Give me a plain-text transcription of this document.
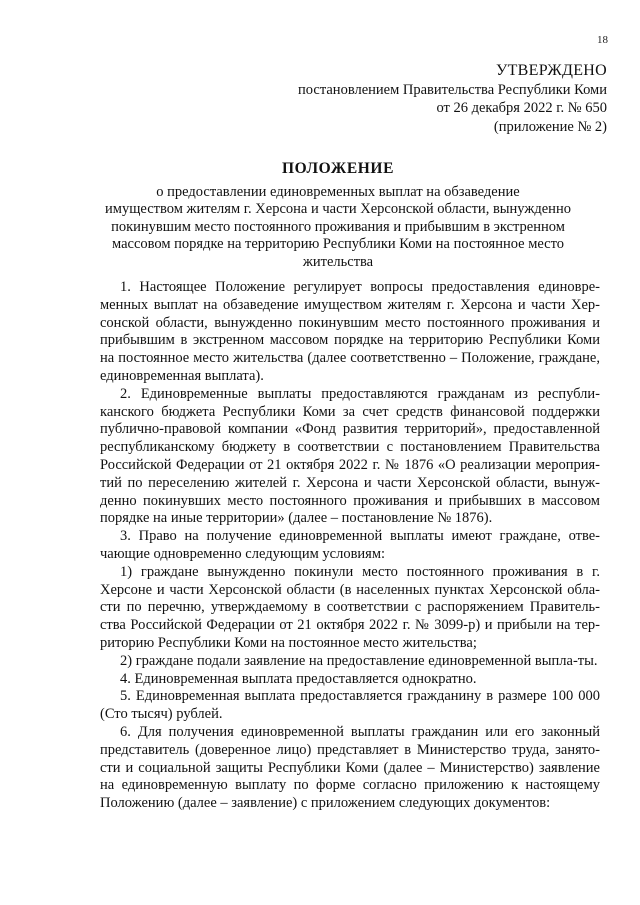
18
УТВЕРЖДЕНО
постановлением Правительства Республики Коми
от 26 декабря 2022 г. № 650
(приложение № 2)
ПОЛОЖЕНИЕ
о предоставлении единовременных выплат на обзаведение
имуществом жителям г. Херсона и части Херсонской области, вынужденно
покинувшим место постоянного проживания и прибывшим в экстренном
массовом порядке на территорию Республики Коми на постоянное место
жительства

1. Настоящее Положение регулирует вопросы предоставления единовре-менных выплат на обзаведение имуществом жителям г. Херсона и части Хер-сонской области, вынужденно покинувшим место постоянного проживания и прибывшим в экстренном массовом порядке на территорию Республики Коми на постоянное место жительства (далее соответственно – Положение, граждане, единовременная выплата).

2. Единовременные выплаты предоставляются гражданам из республи-канского бюджета Республики Коми за счет средств финансовой поддержки публично-правовой компании «Фонд развития территорий», предоставленной республиканскому бюджету в соответствии с постановлением Правительства Российской Федерации от 21 октября 2022 г. № 1876 «О реализации мероприя-тий по переселению жителей г. Херсона и части Херсонской области, вынуж-денно покинувших место постоянного проживания и прибывших в массовом порядке на иные территории» (далее – постановление № 1876).

3. Право на получение единовременной выплаты имеют граждане, отве-чающие одновременно следующим условиям:

1) граждане вынужденно покинули место постоянного проживания в г. Херсоне и части Херсонской области (в населенных пунктах Херсонской обла-сти по перечню, утверждаемому в соответствии с распоряжением Правитель-ства Российской Федерации от 21 октября 2022 г. № 3099-р) и прибыли на тер-риторию Республики Коми на постоянное место жительства;

2) граждане подали заявление на предоставление единовременной выпла-ты.

4. Единовременная выплата предоставляется однократно.

5. Единовременная выплата предоставляется гражданину в размере 100 000 (Сто тысяч) рублей.

6. Для получения единовременной выплаты гражданин или его законный представитель (доверенное лицо) представляет в Министерство труда, занято-сти и социальной защиты Республики Коми (далее – Министерство) заявление на единовременную выплату по форме согласно приложению к настоящему Положению (далее – заявление) с приложением следующих документов:
